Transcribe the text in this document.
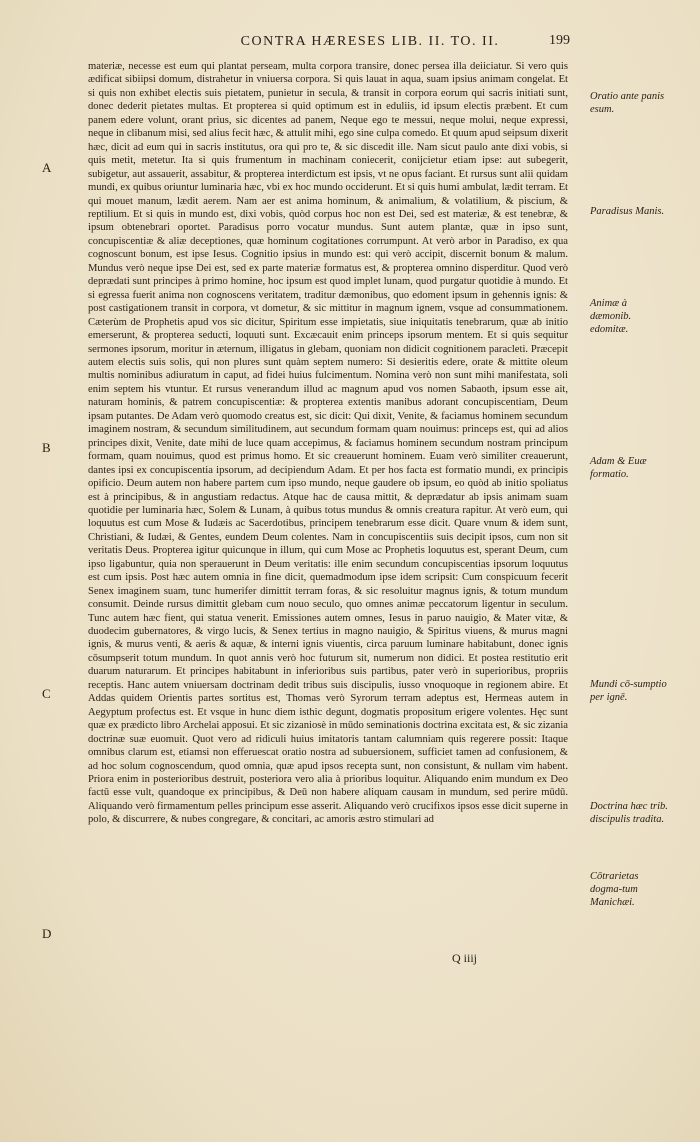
CONTRA HÆRESES LIB. II. TO. II.	199
A
B
C
D

materiæ, necesse est eum qui plantat perseam, multa corpora transire, donec persea illa deiiciatur. Si vero quis ædificat sibiipsi domum, distrahetur in vniuersa corpora. Si quis lauat in aqua, suam ipsius animam congelat. Et si quis non exhibet electis suis pietatem, punietur in secula, & transit in corpora eorum qui sacris initiati sunt, donec dederit pietates multas. Et propterea si quid optimum est in eduliis, id ipsum electis præbent. Et cum panem edere volunt, orant prius, sic dicentes ad panem, Neque ego te messui, neque molui, neque expressi, neque in clibanum misi, sed alius fecit hæc, & attulit mihi, ego sine culpa comedo. Et quum apud seipsum dixerit hæc, dicit ad eum qui in sacris institutus, ora qui pro te, & sic discedit ille. Nam sicut paulo ante dixi vobis, si quis metit, metetur. Ita si quis frumentum in machinam coniecerit, conijcietur etiam ipse: aut subegerit, subigetur, aut assauerit, assabitur, & propterea interdictum est ipsis, vt ne opus faciant. Et rursus sunt alii quidam mundi, ex quibus oriuntur luminaria hæc, vbi ex hoc mundo occiderunt. Et si quis humi ambulat, lædit terram. Et qui mouet manum, lædit aerem. Nam aer est anima hominum, & animalium, & volatilium, & piscium, & reptilium. Et si quis in mundo est, dixi vobis, quòd corpus hoc non est Dei, sed est materiæ, & est tenebræ, & ipsum obtenebrari oportet. Paradisus porro vocatur mundus. Sunt autem plantæ, quæ in ipso sunt, concupiscentiæ & aliæ deceptiones, quæ hominum cogitationes corrumpunt. At verò arbor in Paradiso, ex qua cognoscunt bonum, est ipse Iesus. Cognitio ipsius in mundo est: qui verò accipit, discernit bonum & malum. Mundus verò neque ipse Dei est, sed ex parte materiæ formatus est, & propterea omnino disperditur. Quod verò deprædati sunt principes à primo homine, hoc ipsum est quod implet lunam, quod purgatur quotidie à mundo. Et si egressa fuerit anima non cognoscens veritatem, traditur dæmonibus, quo edoment ipsum in gehennis ignis: & post castigationem transit in corpora, vt dometur, & sic mittitur in magnum ignem, vsque ad consummationem. Cæterùm de Prophetis apud vos sic dicitur, Spiritum esse impietatis, siue iniquitatis tenebrarum, quæ ab initio emerserunt, & propterea seducti, loquuti sunt. Excæcauit enim princeps ipsorum mentem. Et si quis sequitur sermones ipsorum, moritur in æternum, illigatus in glebam, quoniam non didicit cognitionem paracleti. Præcepit autem electis suis solis, qui non plures sunt quàm septem numero: Si desieritis edere, orate & mittite oleum multis nominibus adiuratum in caput, ad fidei huius fulcimentum. Nomina verò non sunt mihi manifestata, soli enim septem his vtuntur. Et rursus venerandum illud ac magnum apud vos nomen Sabaoth, ipsum esse ait, naturam hominis, & patrem concupiscentiæ: & propterea extentis manibus adorant concupiscentiam, Deum ipsam putantes. De Adam verò quomodo creatus est, sic dicit: Qui dixit, Venite, & faciamus hominem secundum imaginem nostram, & secundum similitudinem, aut secundum formam quam nouimus: princeps est, qui ad alios principes dixit, Venite, date mihi de luce quam accepimus, & faciamus hominem secundum nostram principum formam, quam nouimus, quod est primus homo. Et sic creauerunt hominem. Euam verò similiter creauerunt, dantes ipsi ex concupiscentia ipsorum, ad decipiendum Adam. Et per hos facta est formatio mundi, ex principis opificio. Deum autem non habere partem cum ipso mundo, neque gaudere ob ipsum, eo quòd ab initio spoliatus est à principibus, & in angustiam redactus. Atque hac de causa mittit, & deprædatur ab ipsis animam suam quotidie per luminaria hæc, Solem & Lunam, à quibus totus mundus & omnis creatura rapitur. At verò eum, qui loquutus est cum Mose & Iudæis ac Sacerdotibus, principem tenebrarum esse dicit. Quare vnum & idem sunt, Christiani, & Iudæi, & Gentes, eundem Deum colentes. Nam in concupiscentiis suis decipit ipsos, cum non sit veritatis Deus. Propterea igitur quicunque in illum, qui cum Mose ac Prophetis loquutus est, sperant Deum, cum ipso ligabuntur, quia non sperauerunt in Deum veritatis: ille enim secundum concupiscentias ipsorum loquutus est cum ipsis. Post hæc autem omnia in fine dicit, quemadmodum ipse idem scripsit: Cum conspicuum fecerit Senex imaginem suam, tunc humerifer dimittit terram foras, & sic resoluitur magnus ignis, & totum mundum consumit. Deinde rursus dimittit glebam cum nouo seculo, quo omnes animæ peccatorum ligentur in seculum. Tunc autem hæc fient, qui statua venerit. Emissiones autem omnes, Iesus in paruo nauigio, & Mater vitæ, & duodecim gubernatores, & virgo lucis, & Senex tertius in magno nauigio, & Spiritus viuens, & murus magni ignis, & murus venti, & aeris & aquæ, & interni ignis viuentis, circa paruum luminare habitabunt, donec ignis cōsumpserit totum mundum. In quot annis verò hoc futurum sit, numerum non didici. Et postea restitutio erit duarum naturarum. Et principes habitabunt in inferioribus suis partibus, pater verò in superioribus, propriis receptis. Hanc autem vniuersam doctrinam dedit tribus suis discipulis, iusso vnoquoque in regionem abire. Et Addas quidem Orientis partes sortitus est, Thomas verò Syrorum terram adeptus est, Hermeas autem in Aegyptum profectus est. Et vsque in hunc diem isthic degunt, dogmatis propositum erigere volentes. Hęc sunt quæ ex prædicto libro Archelai apposui. Et sic zizaniosè in mūdo seminationis doctrina excitata est, & sic zizania doctrinæ suæ euomuit. Quot vero ad ridiculi huius imitatoris tantam calumniam quis regerere possit: Itaque omnibus clarum est, etiamsi non efferuescat oratio nostra ad subuersionem, sufficiet tamen ad confusionem, & ad hoc solum cognoscendum, quod omnia, quæ apud ipsos recepta sunt, non consistunt, & nullam vim habent. Priora enim in posterioribus destruit, posteriora vero alia à prioribus loquitur. Aliquando enim mundum ex Deo factū esse vult, quandoque ex principibus, & Deū non habere aliquam causam in mundum, sed perire mūdū. Aliquando verò firmamentum pelles principum esse asserit. Aliquando verò crucifixos ipsos esse dicit superne in polo, & discurrere, & nubes congregare, & concitari, ac amoris æstro stimulari ad

Oratio ante panis esum.
Paradisus Manis.
Animæ à dæmonib. edomitæ.
Adam & Euæ formatio.
Mundi cō-sumptio per ignē.
Doctrina hæc trib. discipulis tradita.
Cōtrarietas dogma-tum Manichæi.
Q iiij
